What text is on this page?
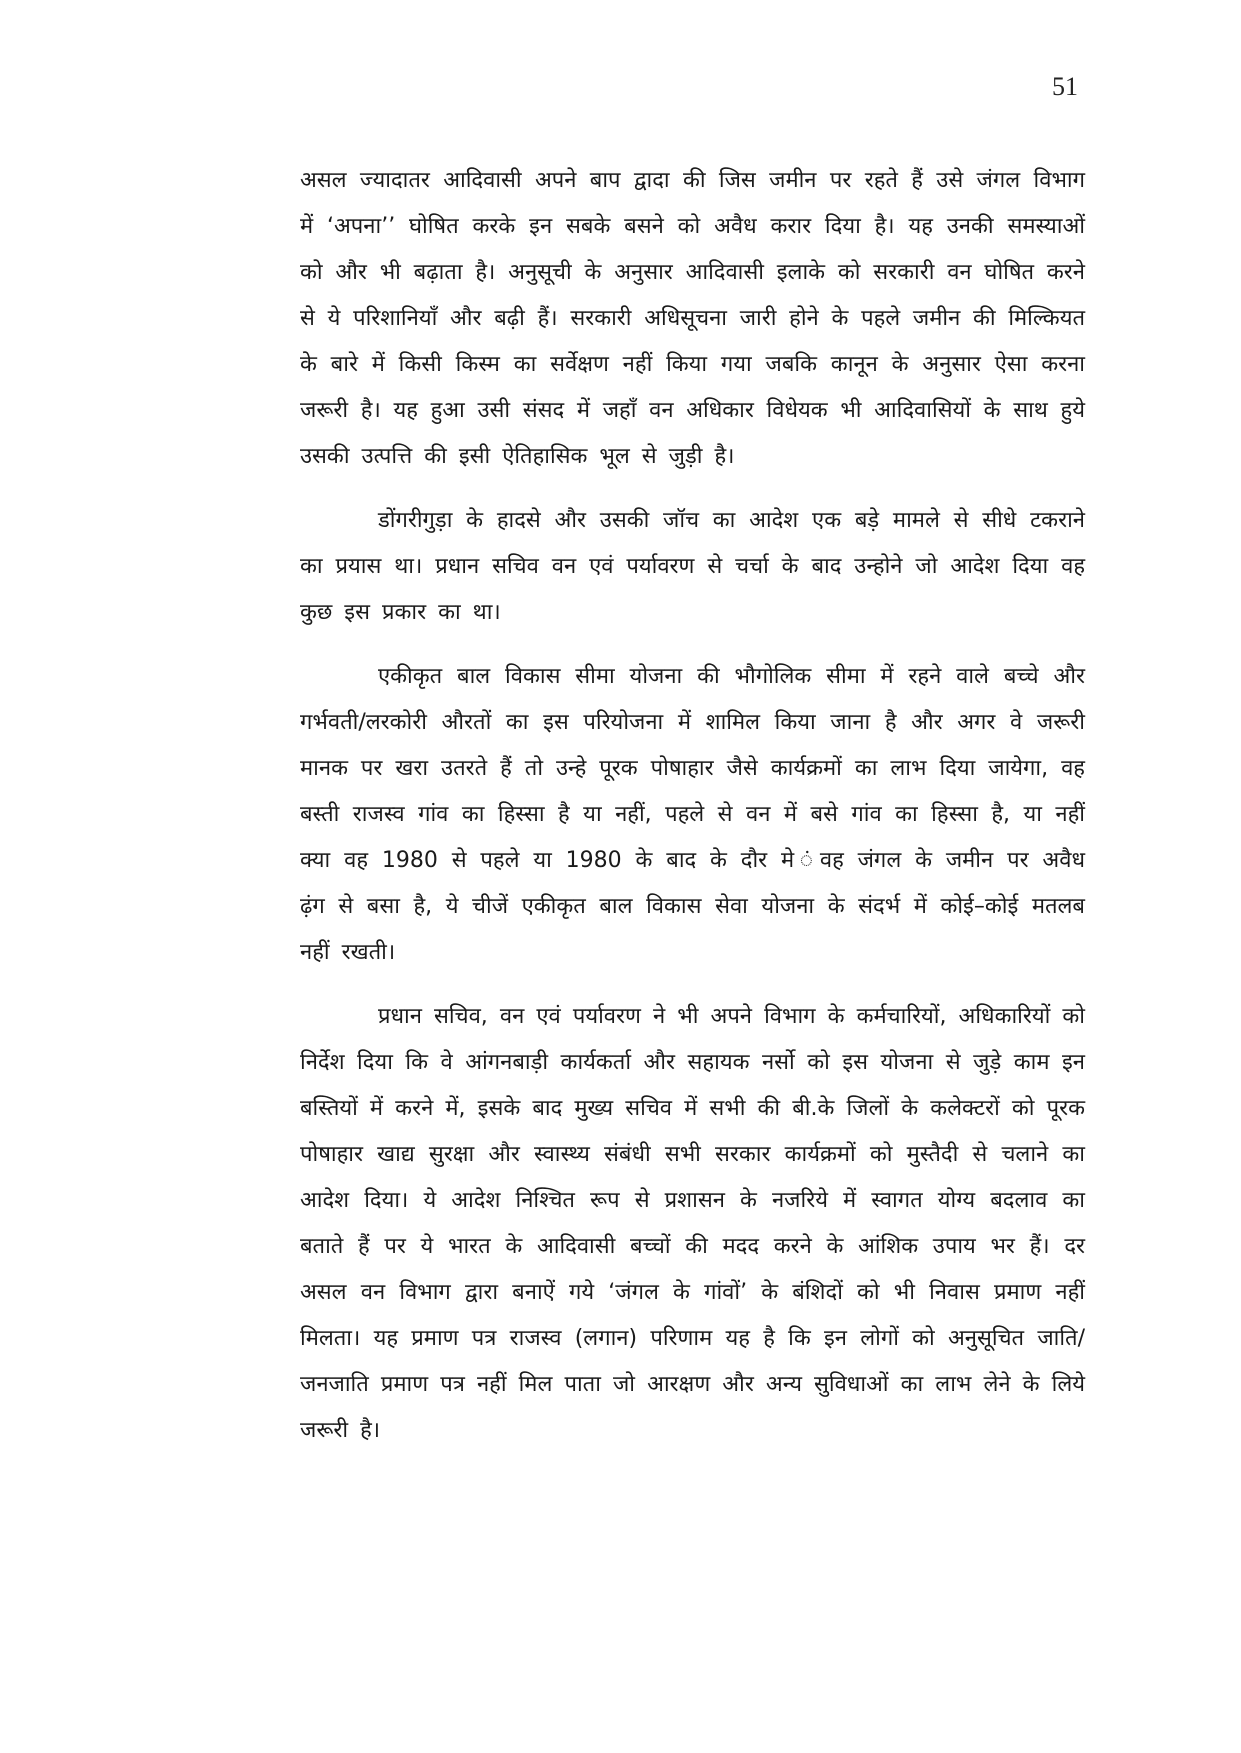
51

असल ज्यादातर आदिवासी अपने बाप द्वादा की जिस जमीन पर रहते हैं उसे जंगल विभाग में ‘अपना’’ घोषित करके इन सबके बसने को अवैध करार दिया है। यह उनकी समस्याओं को और भी बढ़ाता है। अनुसूची के अनुसार आदिवासी इलाके को सरकारी वन घोषित करने से ये परिशानियाँ और बढ़ी हैं। सरकारी अधिसूचना जारी होने के पहले जमीन की मिल्कियत के बारे में किसी किस्म का सर्वेक्षण नहीं किया गया जबकि कानून के अनुसार ऐसा करना जरूरी है। यह हुआ उसी संसद में जहाँ वन अधिकार विधेयक भी आदिवासियों के साथ हुये उसकी उत्पत्ति की इसी ऐतिहासिक भूल से जुड़ी है।

डोंगरीगुड़ा के हादसे और उसकी जॉच का आदेश एक बड़े मामले से सीधे टकराने का प्रयास था। प्रधान सचिव वन एवं पर्यावरण से चर्चा के बाद उन्होने जो आदेश दिया वह कुछ इस प्रकार का था।

एकीकृत बाल विकास सीमा योजना की भौगोलिक सीमा में रहने वाले बच्चे और गर्भवती/लरकोरी औरतों का इस परियोजना में शामिल किया जाना है और अगर वे जरूरी मानक पर खरा उतरते हैं तो उन्हे पूरक पोषाहार जैसे कार्यक्रमों का लाभ दिया जायेगा, वह बस्ती राजस्व गांव का हिस्सा है या नहीं, पहले से वन में बसे गांव का हिस्सा है, या नहीं क्या वह 1980 से पहले या 1980 के बाद के दौर मे ंवह जंगल के जमीन पर अवैध ढ़ंग से बसा है, ये चीजें एकीकृत बाल विकास सेवा योजना के संदर्भ में कोई–कोई मतलब नहीं रखती।

प्रधान सचिव, वन एवं पर्यावरण ने भी अपने विभाग के कर्मचारियों, अधिकारियों को निर्देश दिया कि वे आंगनबाड़ी कार्यकर्ता और सहायक नर्सो को इस योजना से जुड़े काम इन बस्तियों में करने में, इसके बाद मुख्य सचिव में सभी की बी.के जिलों के कलेक्टरों को पूरक पोषाहार खाद्य सुरक्षा और स्वास्थ्य संबंधी सभी सरकार कार्यक्रमों को मुस्तैदी से चलाने का आदेश दिया। ये आदेश निश्चित रूप से प्रशासन के नजरिये में स्वागत योग्य बदलाव का बताते हैं पर ये भारत के आदिवासी बच्चों की मदद करने के आंशिक उपाय भर हैं। दर असल वन विभाग द्वारा बनाऐं गये ‘जंगल के गांवों’ के बंशिदों को भी निवास प्रमाण नहीं मिलता। यह प्रमाण पत्र राजस्व (लगान) परिणाम यह है कि इन लोगों को अनुसूचित जाति/जनजाति प्रमाण पत्र नहीं मिल पाता जो आरक्षण और अन्य सुविधाओं का लाभ लेने के लिये जरूरी है।
